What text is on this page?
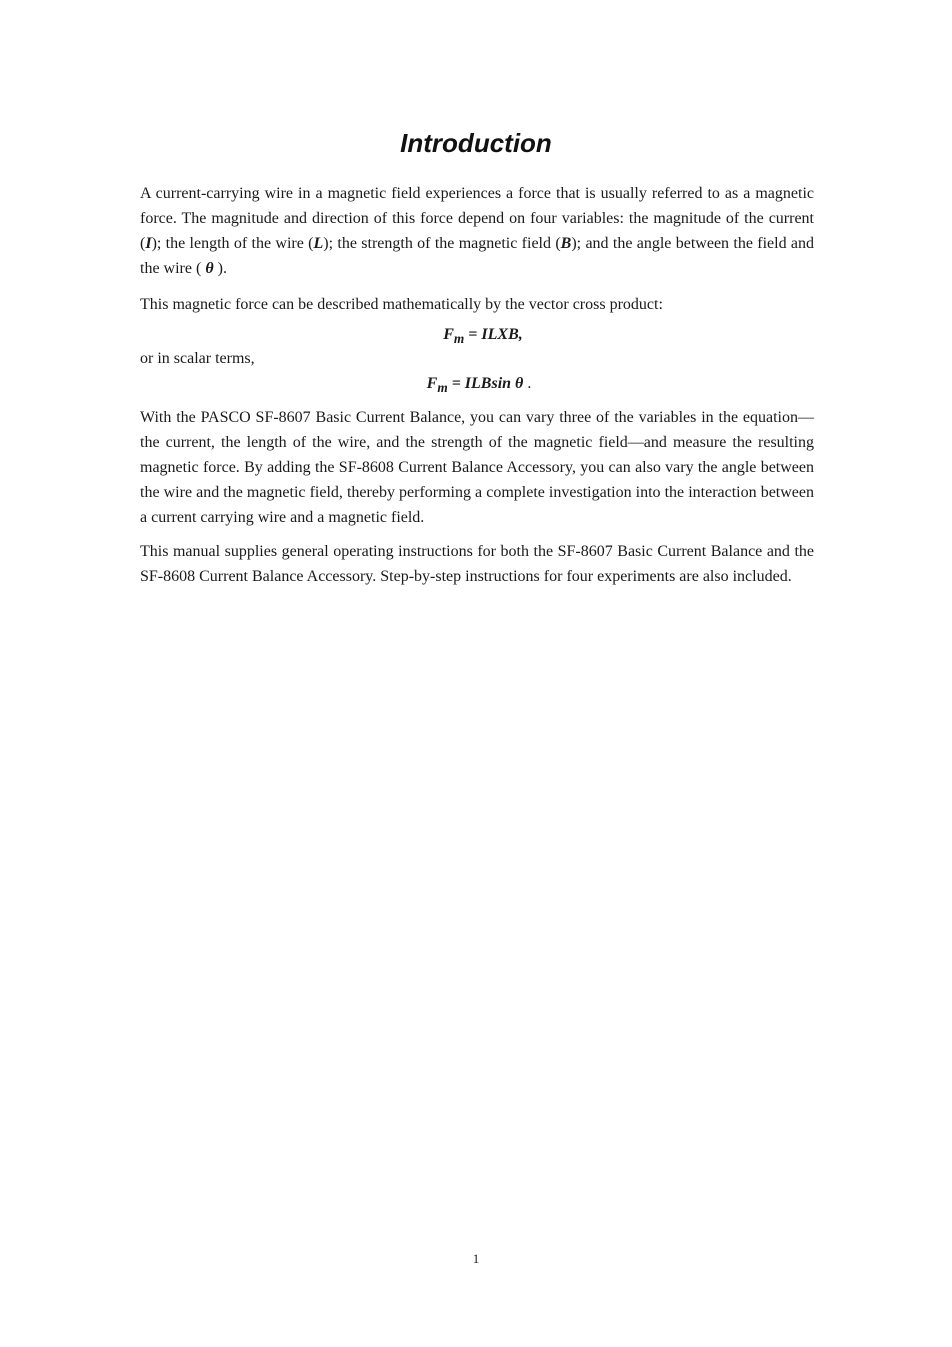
Introduction

A current-carrying wire in a magnetic field experiences a force that is usually referred to as a magnetic force. The magnitude and direction of this force depend on four variables: the magnitude of the current (I); the length of the wire (L); the strength of the magnetic field (B); and the angle between the field and the wire ( θ ).

This magnetic force can be described mathematically by the vector cross product:

$F_m$ = ILXB,

or in scalar terms,

$F_m = ILBsin$ θ .

With the PASCO SF-8607 Basic Current Balance, you can vary three of the variables in the equation—the current, the length of the wire, and the strength of the magnetic field—and measure the resulting magnetic force. By adding the SF-8608 Current Balance Accessory, you can also vary the angle between the wire and the magnetic field, thereby performing a complete investigation into the interaction between a current carrying wire and a magnetic field.

This manual supplies general operating instructions for both the SF-8607 Basic Current Balance and the SF-8608 Current Balance Accessory. Step-by-step instructions for four experiments are also included.

1
